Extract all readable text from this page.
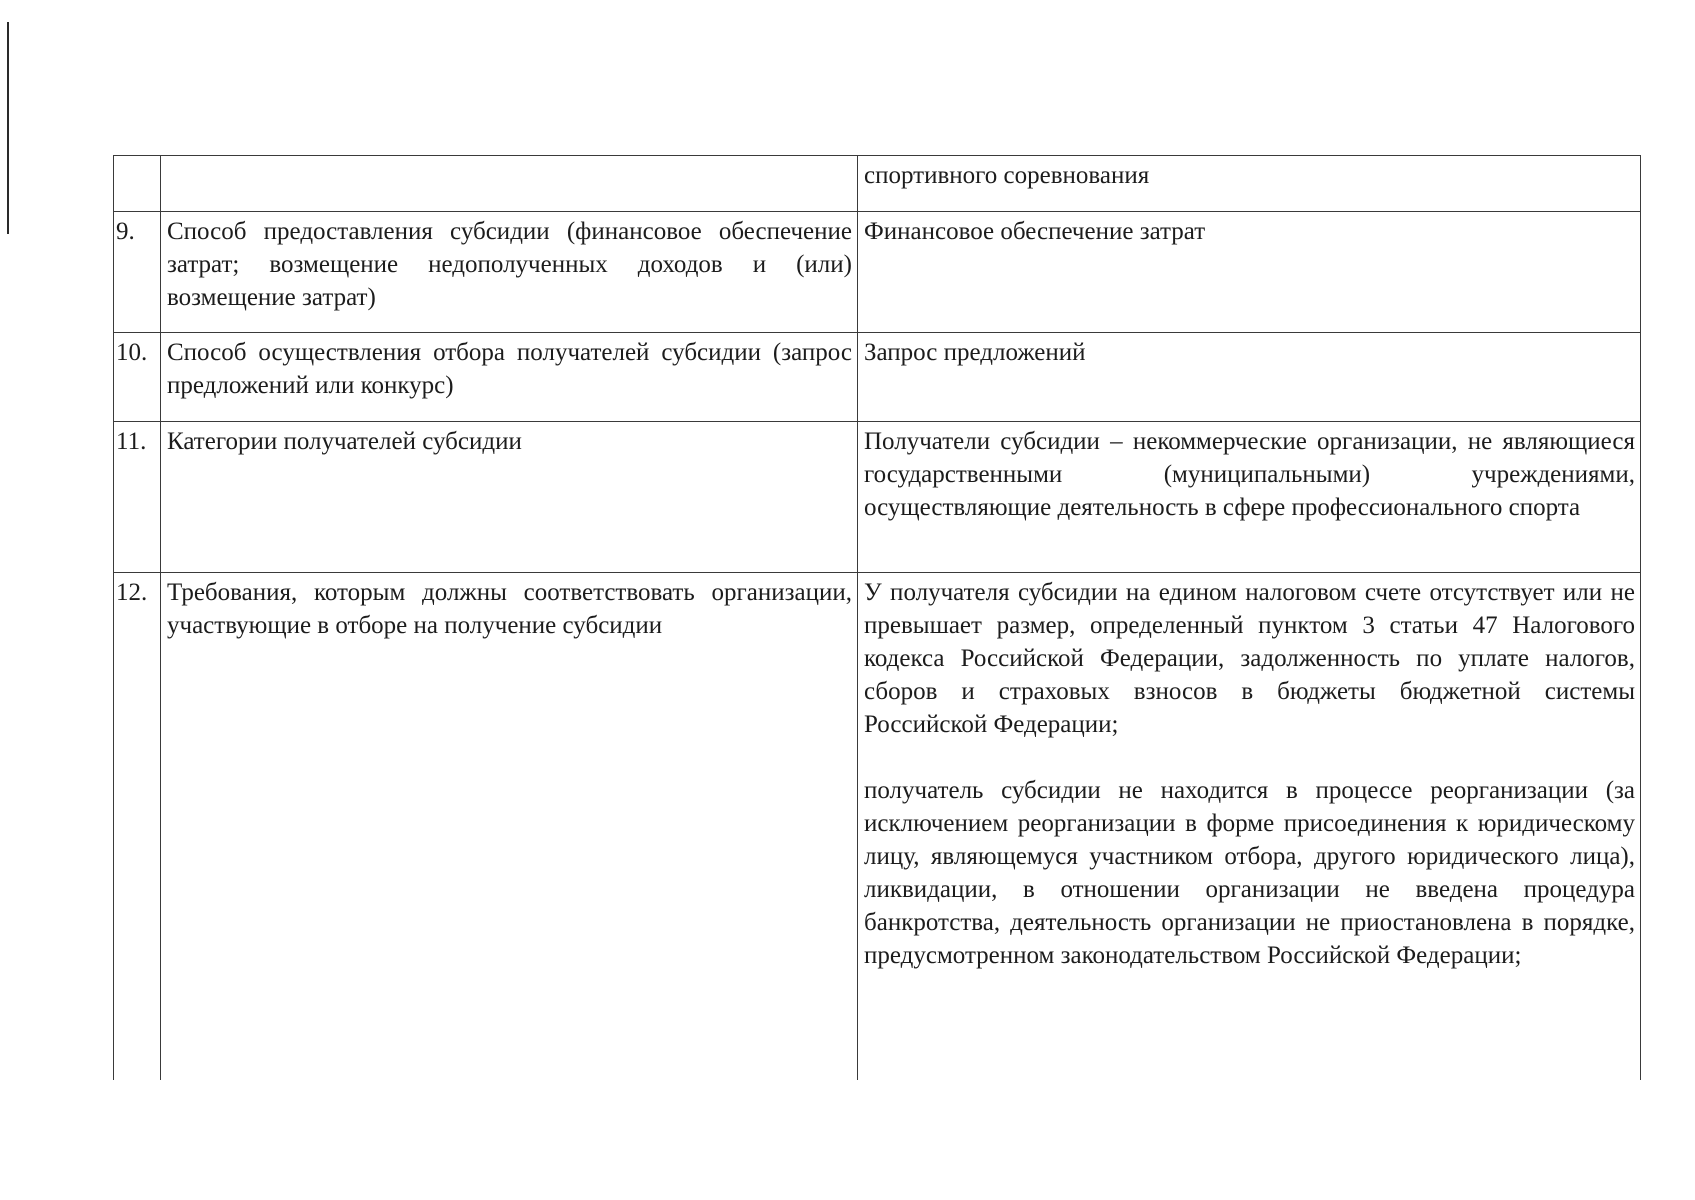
		спортивного соревнования
9.	Способ предоставления субсидии (финансовое обеспечение затрат; возмещение недополученных доходов и (или) возмещение затрат)	Финансовое обеспечение затрат
10.	Способ осуществления отбора получателей субсидии (запрос предложений или конкурс)	Запрос предложений
11.	Категории получателей субсидии	Получатели субсидии – некоммерческие организации, не являющиеся государственными (муниципальными) учреждениями, осуществляющие деятельность в сфере профессионального спорта
12.	Требования, которым должны соответствовать организации, участвующие в отборе на получение субсидии	У получателя субсидии на едином налоговом счете отсутствует или не превышает размер, определенный пунктом 3 статьи 47 Налогового кодекса Российской Федерации, задолженность по уплате налогов, сборов и страховых взносов в бюджеты бюджетной системы Российской Федерации;
получатель субсидии не находится в процессе реорганизации (за исключением реорганизации в форме присоединения к юридическому лицу, являющемуся участником отбора, другого юридического лица), ликвидации, в отношении организации не введена процедура банкротства, деятельность организации не приостановлена в порядке, предусмотренном законодательством Российской Федерации;
